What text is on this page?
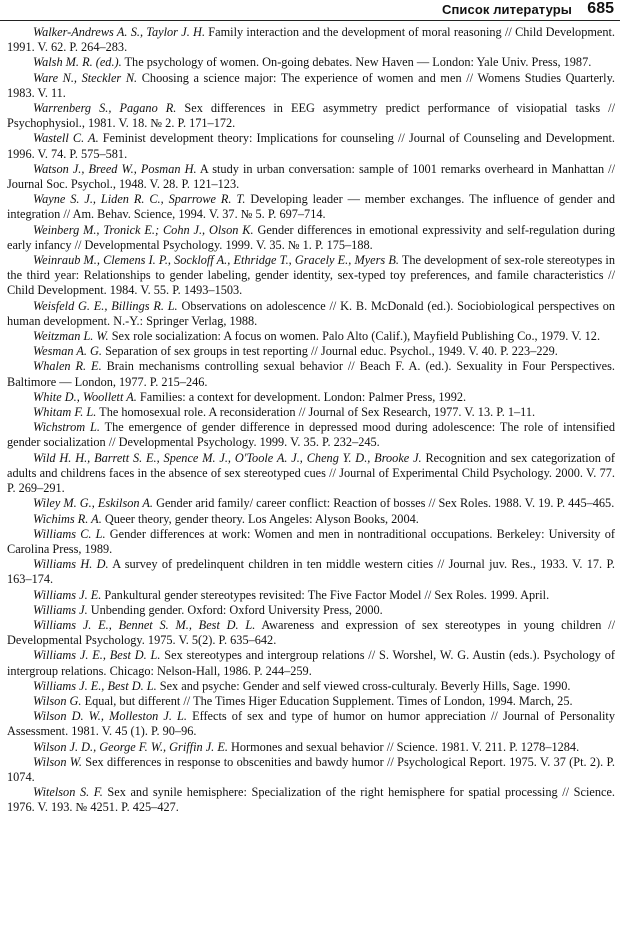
Список литературы 685

Walker-Andrews A. S., Taylor J. H. Family interaction and the development of moral reasoning // Child Development. 1991. V. 62. P. 264–283.

Walsh M. R. (ed.). The psychology of women. On-going debates. New Haven — London: Yale Univ. Press, 1987.

Ware N., Steckler N. Choosing a science major: The experience of women and men // Womens Studies Quarterly. 1983. V. 11.

Warrenberg S., Pagano R. Sex differences in EEG asymmetry predict performance of visiopatial tasks // Psychophysiol., 1981. V. 18. № 2. P. 171–172.

Wastell C. A. Feminist development theory: Implications for counseling // Journal of Counseling and Development. 1996. V. 74. P. 575–581.

Watson J., Breed W., Posman H. A study in urban conversation: sample of 1001 remarks overheard in Manhattan // Journal Soc. Psychol., 1948. V. 28. P. 121–123.

Wayne S. J., Liden R. C., Sparrowe R. T. Developing leader — member exchanges. The influence of gender and integration // Am. Behav. Science, 1994. V. 37. № 5. P. 697–714.

Weinberg M., Tronick E.; Cohn J., Olson K. Gender differences in emotional expressivity and self-regulation during early infancy // Developmental Psychology. 1999. V. 35. № 1. P. 175–188.

Weinraub M., Clemens I. P., Sockloff A., Ethridge T., Gracely E., Myers B. The development of sex-role stereotypes in the third year: Relationships to gender labeling, gender identity, sex-typed toy preferences, and famile characteristics // Child Development. 1984. V. 55. P. 1493–1503.

Weisfeld G. E., Billings R. L. Observations on adolescence // K. B. McDonald (ed.). Sociobiological perspectives on human development. N.-Y.: Springer Verlag, 1988.

Weitzman L. W. Sex role socialization: A focus on women. Palo Alto (Calif.), Mayfield Publishing Co., 1979. V. 12.

Wesman A. G. Separation of sex groups in test reporting // Journal educ. Psychol., 1949. V. 40. P. 223–229.

Whalen R. E. Brain mechanisms controlling sexual behavior // Beach F. A. (ed.). Sexuality in Four Perspectives. Baltimore — London, 1977. P. 215–246.

White D., Woollett A. Families: a context for development. London: Palmer Press, 1992.

Whitam F. L. The homosexual role. A reconsideration // Journal of Sex Research, 1977. V. 13. P. 1–11.

Wichstrom L. The emergence of gender difference in depressed mood during adolescence: The role of intensified gender socialization // Developmental Psychology. 1999. V. 35. P. 232–245.

Wild H. H., Barrett S. E., Spence M. J., O'Toole A. J., Cheng Y. D., Brooke J. Recognition and sex categorization of adults and childrens faces in the absence of sex stereotyped cues // Journal of Experimental Child Psychology. 2000. V. 77. P. 269–291.

Wiley M. G., Eskilson A. Gender arid family/ career conflict: Reaction of bosses // Sex Roles. 1988. V. 19. P. 445–465.

Wichims R. A. Queer theory, gender theory. Los Angeles: Alyson Books, 2004.

Williams C. L. Gender differences at work: Women and men in nontraditional occupations. Berkeley: University of Carolina Press, 1989.

Williams H. D. A survey of predelinquent children in ten middle western cities // Journal juv. Res., 1933. V. 17. P. 163–174.

Williams J. E. Pankultural gender stereotypes revisited: The Five Factor Model // Sex Roles. 1999. April.

Williams J. Unbending gender. Oxford: Oxford University Press, 2000.

Williams J. E., Bennet S. M., Best D. L. Awareness and expression of sex stereotypes in young children // Developmental Psychology. 1975. V. 5(2). P. 635–642.

Williams J. E., Best D. L. Sex stereotypes and intergroup relations // S. Worshel, W. G. Austin (eds.). Psychology of intergroup relations. Chicago: Nelson-Hall, 1986. P. 244–259.

Williams J. E., Best D. L. Sex and psyche: Gender and self viewed cross-culturaly. Beverly Hills, Sage. 1990.

Wilson G. Equal, but different // The Times Higer Education Supplement. Times of London, 1994. March, 25.

Wilson D. W., Molleston J. L. Effects of sex and type of humor on humor appreciation // Journal of Personality Assessment. 1981. V. 45 (1). P. 90–96.

Wilson J. D., George F. W., Griffin J. E. Hormones and sexual behavior // Science. 1981. V. 211. P. 1278–1284.

Wilson W. Sex differences in response to obscenities and bawdy humor // Psychological Report. 1975. V. 37 (Pt. 2). P. 1074.

Witelson S. F. Sex and synile hemisphere: Specialization of the right hemisphere for spatial processing // Science. 1976. V. 193. № 4251. P. 425–427.
